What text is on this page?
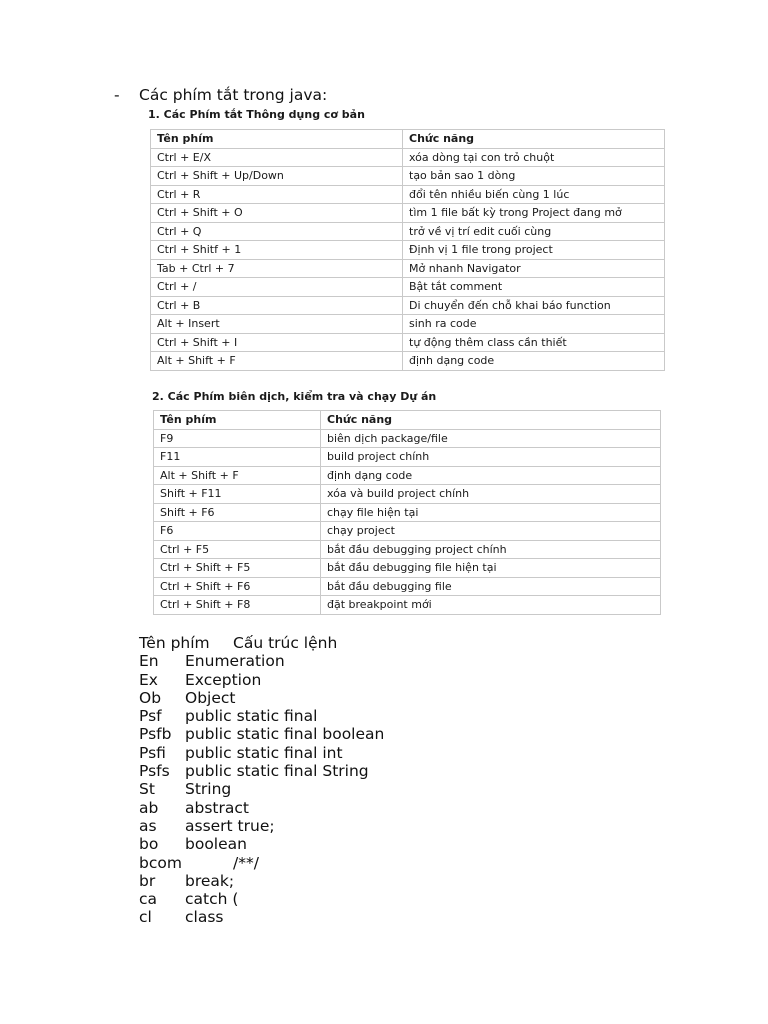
- Các phím tắt trong java:
1. Các Phím tắt Thông dụng cơ bản
Tên phím	Chức năng
Ctrl + E/X	xóa dòng tại con trỏ chuột
Ctrl + Shift + Up/Down	tạo bản sao 1 dòng
Ctrl + R	đổi tên nhiều biến cùng 1 lúc
Ctrl + Shift + O	tìm 1 file bất kỳ trong Project đang mở
Ctrl + Q	trở về vị trí edit cuối cùng
Ctrl + Shitf + 1	Định vị 1 file trong project
Tab + Ctrl + 7	Mở nhanh Navigator
Ctrl + /	Bật tắt comment
Ctrl + B	Di chuyển đến chỗ khai báo function
Alt + Insert	sinh ra code
Ctrl + Shift + I	tự động thêm class cần thiết
Alt + Shift + F	định dạng code
2. Các Phím biên dịch, kiểm tra và chạy Dự án
Tên phím	Chức năng
F9	biên dịch package/file
F11	build project chính
Alt + Shift + F	định dạng code
Shift + F11	xóa và build project chính
Shift + F6	chạy file hiện tại
F6	chạy project
Ctrl + F5	bắt đầu debugging project chính
Ctrl + Shift + F5	bắt đầu debugging file hiện tại
Ctrl + Shift + F6	bắt đầu debugging file
Ctrl + Shift + F8	đặt breakpoint mới
Tên phím Cấu trúc lệnh
En Enumeration
Ex Exception
Ob Object
Psf public static final
Psfb public static final boolean
Psfi public static final int
Psfs public static final String
St String
ab abstract
as assert true;
bo boolean
bcom	/**/
br break;
ca catch (
cl class
